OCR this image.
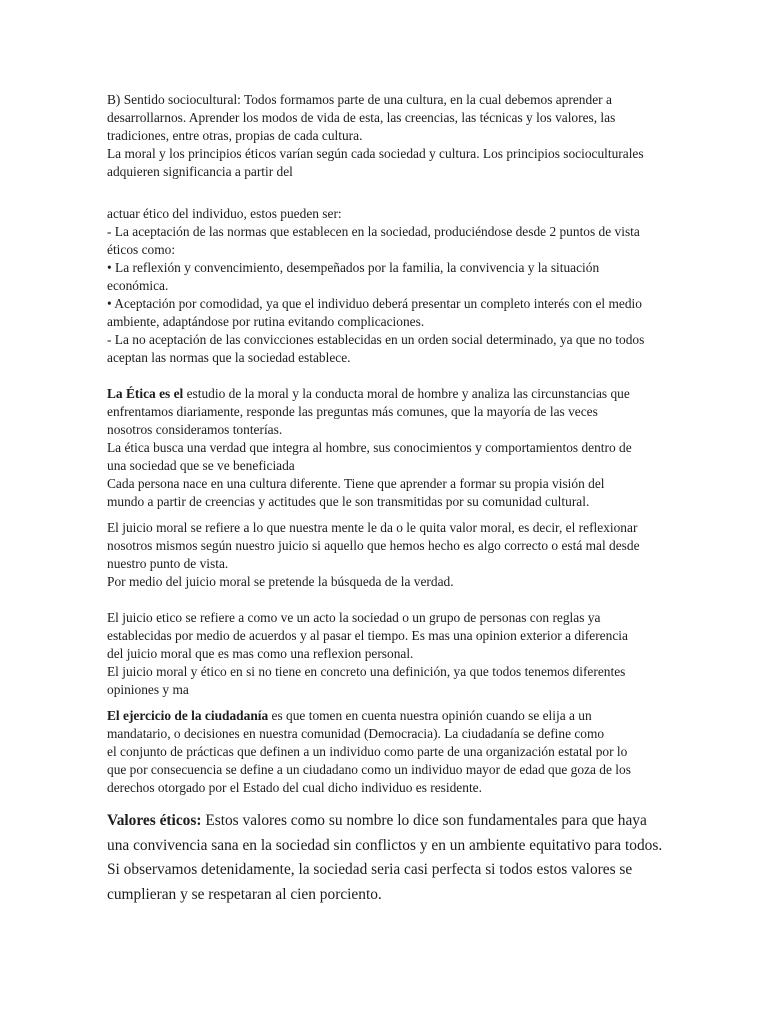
B) Sentido sociocultural: Todos formamos parte de una cultura, en la cual debemos aprender a
desarrollarnos. Aprender los modos de vida de esta, las creencias, las técnicas y los valores, las
tradiciones, entre otras, propias de cada cultura.
La moral y los principios éticos varían según cada sociedad y cultura. Los principios socioculturales
adquieren significancia a partir del
actuar ético del individuo, estos pueden ser:
- La aceptación de las normas que establecen en la sociedad, produciéndose desde 2 puntos de vista
éticos como:
• La reflexión y convencimiento, desempeñados por la familia, la convivencia y la situación
económica.
• Aceptación por comodidad, ya que el individuo deberá presentar un completo interés con el medio
ambiente, adaptándose por rutina evitando complicaciones.
- La no aceptación de las convicciones establecidas en un orden social determinado, ya que no todos
aceptan las normas que la sociedad establece.
La Ética es el estudio de la moral y la conducta moral de hombre y analiza las circunstancias que
enfrentamos diariamente, responde las preguntas más comunes, que la mayoría de las veces
nosotros consideramos tonterías.
La ética busca una verdad que integra al hombre, sus conocimientos y comportamientos dentro de
una sociedad que se ve beneficiada
Cada persona nace en una cultura diferente. Tiene que aprender a formar su propia visión del
mundo a partir de creencias y actitudes que le son transmitidas por su comunidad cultural.
El juicio moral se refiere a lo que nuestra mente le da o le quita valor moral, es decir, el reflexionar
nosotros mismos según nuestro juicio si aquello que hemos hecho es algo correcto o está mal desde
nuestro punto de vista.
Por medio del juicio moral se pretende la búsqueda de la verdad.
El juicio etico se refiere a como ve un acto la sociedad o un grupo de personas con reglas ya
establecidas por medio de acuerdos y al pasar el tiempo. Es mas una opinion exterior a diferencia
del juicio moral que es mas como una reflexion personal.
El juicio moral y ético en si no tiene en concreto una definición, ya que todos tenemos diferentes
opiniones y ma
El ejercicio de la ciudadanía es que tomen en cuenta nuestra opinión cuando se elija a un
mandatario, o decisiones en nuestra comunidad (Democracia). La ciudadanía se define como
el conjunto de prácticas que definen a un individuo como parte de una organización estatal por lo
que por consecuencia se define a un ciudadano como un individuo mayor de edad que goza de los
derechos otorgado por el Estado del cual dicho individuo es residente.
Valores éticos: Estos valores como su nombre lo dice son fundamentales para que haya
una convivencia sana en la sociedad sin conflictos y en un ambiente equitativo para todos.
Si observamos detenidamente, la sociedad seria casi perfecta si todos estos valores se
cumplieran y se respetaran al cien porciento.
